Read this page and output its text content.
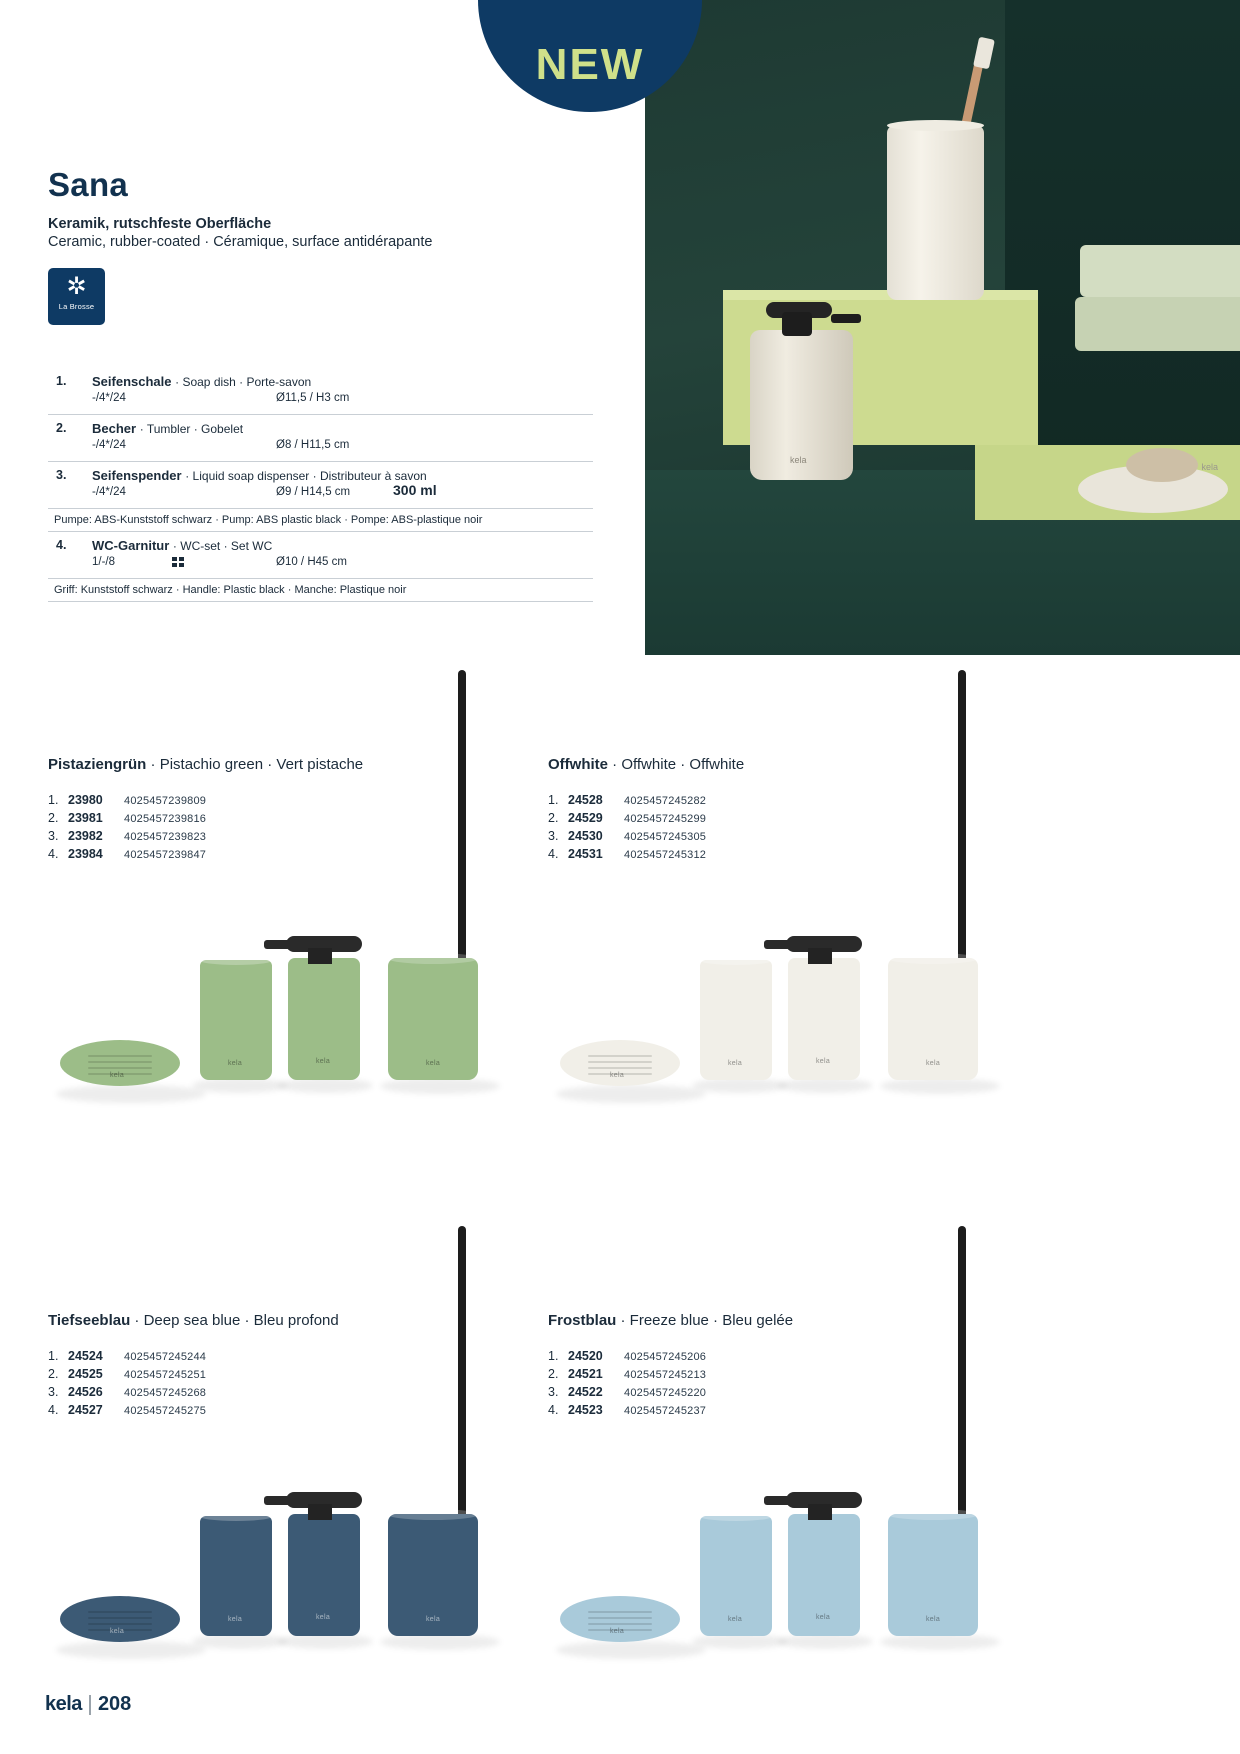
NEW
kela
kela
Sana
Keramik, rutschfeste Oberfläche
Ceramic, rubber-coated · Céramique, surface antidérapante
✲
La Brosse
1. Seifenschale · Soap dish · Porte-savon
-/4*/24	Ø11,5 / H3 cm
2. Becher · Tumbler · Gobelet
-/4*/24	Ø8 / H11,5 cm
3. Seifenspender · Liquid soap dispenser · Distributeur à savon
-/4*/24	Ø9 / H14,5 cm	300 ml
Pumpe: ABS-Kunststoff schwarz · Pump: ABS plastic black · Pompe: ABS-plastique noir
4. WC-Garnitur · WC-set · Set WC
1/-/8	Ø10 / H45 cm
Griff: Kunststoff schwarz · Handle: Plastic black · Manche: Plastique noir
Pistaziengrün · Pistachio green · Vert pistache
1. 23980 4025457239809
2. 23981 4025457239816
3. 23982 4025457239823
4. 23984 4025457239847
kela
kela	kela	kela
Offwhite · Offwhite · Offwhite
1. 24528 4025457245282
2. 24529 4025457245299
3. 24530 4025457245305
4. 24531 4025457245312
kela
kela	kela	kela
Tiefseeblau · Deep sea blue · Bleu profond
1. 24524 4025457245244
2. 24525 4025457245251
3. 24526 4025457245268
4. 24527 4025457245275
kela
kela	kela	kela
Frostblau · Freeze blue · Bleu gelée
1. 24520 4025457245206
2. 24521 4025457245213
3. 24522 4025457245220
4. 24523 4025457245237
kela
kela	kela	kela
kela 208
